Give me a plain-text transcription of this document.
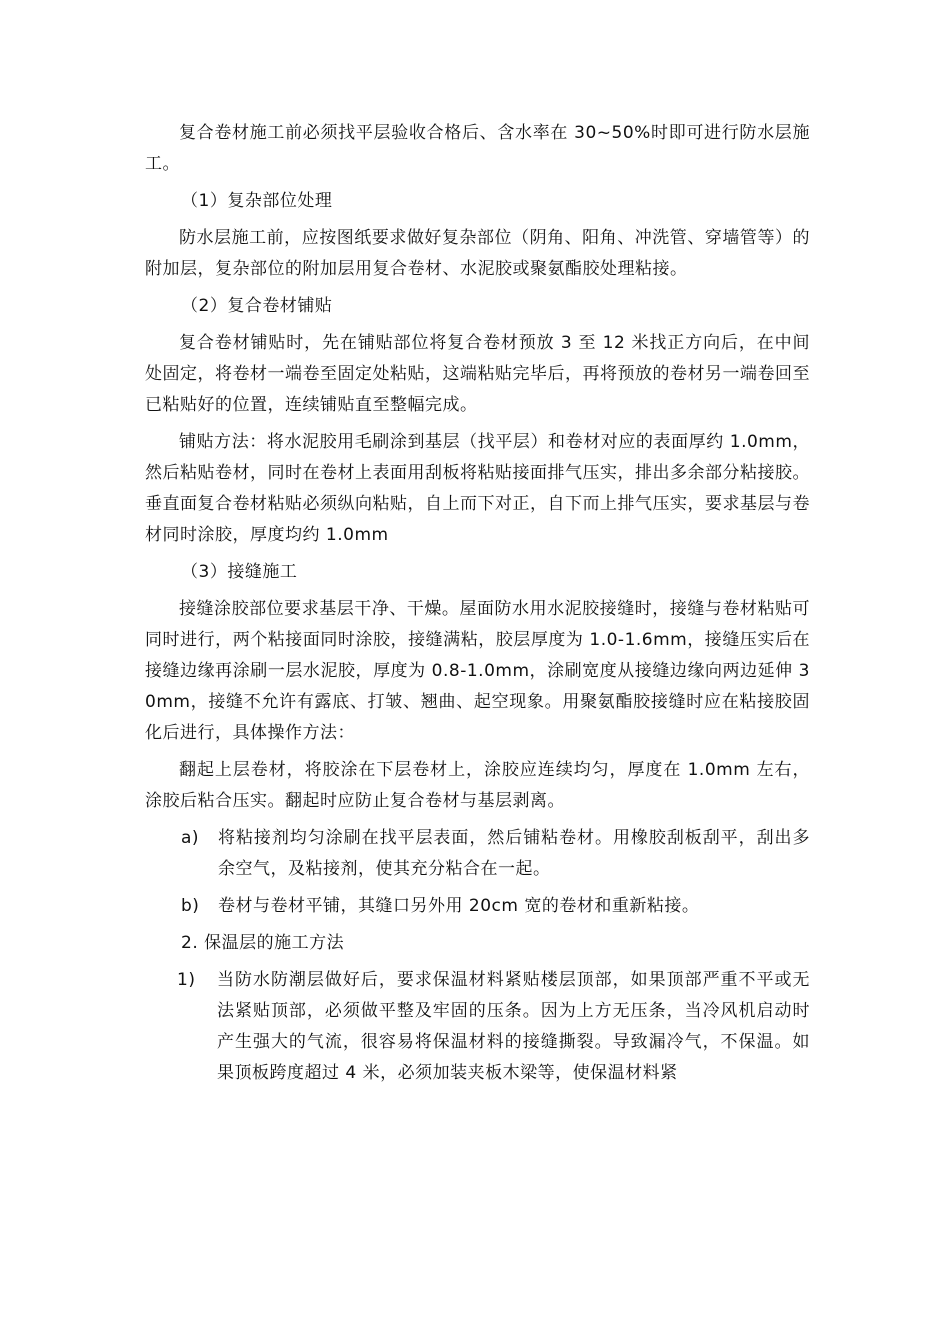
复合卷材施工前必须找平层验收合格后、含水率在 30~50%时即可进行防水层施工。

（1）复杂部位处理

防水层施工前，应按图纸要求做好复杂部位（阴角、阳角、冲洗管、穿墙管等）的附加层，复杂部位的附加层用复合卷材、水泥胶或聚氨酯胶处理粘接。

（2）复合卷材铺贴

复合卷材铺贴时，先在铺贴部位将复合卷材预放 3 至 12 米找正方向后，在中间处固定，将卷材一端卷至固定处粘贴，这端粘贴完毕后，再将预放的卷材另一端卷回至已粘贴好的位置，连续铺贴直至整幅完成。

铺贴方法：将水泥胶用毛刷涂到基层（找平层）和卷材对应的表面厚约 1.0mm，然后粘贴卷材，同时在卷材上表面用刮板将粘贴接面排气压实，排出多余部分粘接胶。垂直面复合卷材粘贴必须纵向粘贴，自上而下对正，自下而上排气压实，要求基层与卷材同时涂胶，厚度均约 1.0mm

（3）接缝施工

接缝涂胶部位要求基层干净、干燥。屋面防水用水泥胶接缝时，接缝与卷材粘贴可同时进行，两个粘接面同时涂胶，接缝满粘，胶层厚度为 1.0-1.6mm，接缝压实后在接缝边缘再涂刷一层水泥胶，厚度为 0.8-1.0mm，涂刷宽度从接缝边缘向两边延伸 30mm，接缝不允许有露底、打皱、翘曲、起空现象。用聚氨酯胶接缝时应在粘接胶固化后进行，具体操作方法：

翻起上层卷材，将胶涂在下层卷材上，涂胶应连续均匀，厚度在 1.0mm 左右，涂胶后粘合压实。翻起时应防止复合卷材与基层剥离。

a)	将粘接剂均匀涂刷在找平层表面，然后铺粘卷材。用橡胶刮板刮平，刮出多余空气，及粘接剂，使其充分粘合在一起。
b)	卷材与卷材平铺，其缝口另外用 20cm 宽的卷材和重新粘接。
2. 保温层的施工方法
1)	当防水防潮层做好后，要求保温材料紧贴楼层顶部，如果顶部严重不平或无法紧贴顶部，必须做平整及牢固的压条。因为上方无压条，当冷风机启动时产生强大的气流，很容易将保温材料的接缝撕裂。导致漏冷气，不保温。如果顶板跨度超过 4 米，必须加装夹板木梁等，使保温材料紧
